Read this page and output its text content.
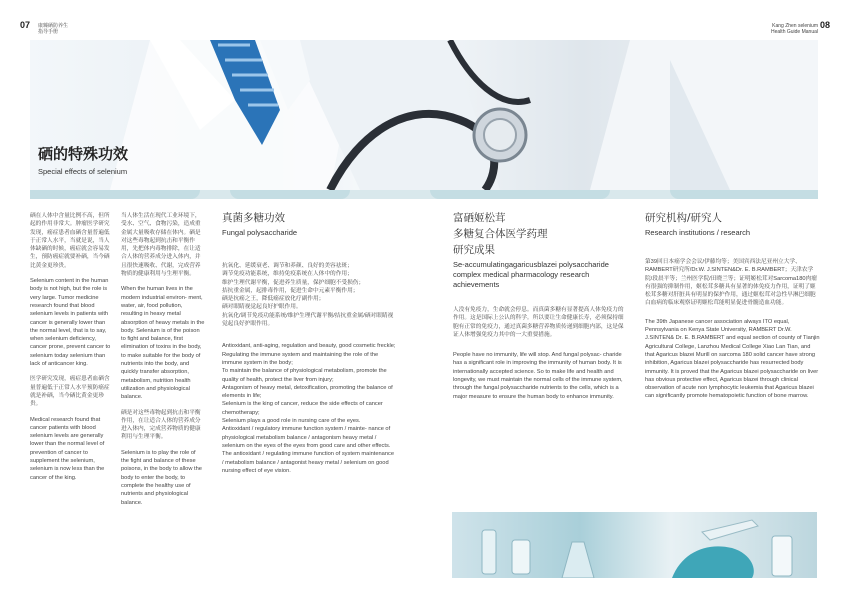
07 康臻硒防养生
指导手册
Kang Zhen selenium
Health Guide Manual
08
硒的特殊功效
Special effects of selenium

硒在人体中含量比例不高，但所起的作用非常大。肿瘤医学研究发现，癌症患者血硒含量普遍低于正常人水平，当就是说，当人体缺硒的时候，癌症就会容易发生，预防癌症就要补硒，当今硒比黄金更珍贵。

Selenium content in the human body is not high, but the role is very large. Tumor medicine research found that blood selenium levels in patients with cancer is generally lower than the normal level, that is to say, when selenium deficiency, cancer prone, prevent cancer to selenium today selenium than lack of anticancer king.

医学研究发现，癌症患者血硒含量普遍低于正常人水平预防癌症就是补硒，当今硒比黄金更珍贵。

Medical research found that cancer patients with blood selenium levels are generally lower than the normal level of prevention of cancer to supplement the selenium, selenium is now less than the cancer of the king.

当人体生活在现代工业环境下，受水、空气、食物污染，造成重金属大量吸收存储在体内。硒是对这些毒物起到抗击和平衡作用，先把体内毒物排除，在让适合人体的营养成分进入体内，并且很快速吸收、代谢，完成营养物质的健康利用与生理平衡。

When the human lives in the modern industrial environ- ment, water, air, food pollution, resulting in heavy metal absorption of heavy metals in the body. Selenium is of the poison to fight and balance, first elimination of toxins in the body, to make suitable for the body of nutrients into the body, and quickly transfer absorption, metabolism, nutrition health utilization and physiological balance.

硒是对这些毒物起到抗击和平衡作用，在让适合人体的营养成分进入体内，完成营养物质的健康利用与生理平衡。

Selenium is to play the role of the fight and balance of these poisons, in the body to allow the body to enter the body, to complete the healthy use of nutrients and physiological balance.

真菌多糖功效
Fungal polysaccharide
抗氧化、延缓衰老、调节和养颜、良好的美容祛斑；
调节免疫功能系统，维持免疫系统在人体中的作用；
维护生理代谢平衡，促进养生质量，保护细胞不受损伤；
拮抗重金属，起排毒作用，促进生命中元素平衡作用；
硒是抗癌之王，降低癌症放化疗副作用；
硒对眼睛视觉起良好护眼作用。
抗氧化/调节免疫功能系统/维护生理代谢平衡/拮抗重金属/硒对眼睛视觉起良好护眼作用。
Antioxidant, anti-aging, regulation and beauty, good cosmetic freckle;
Regulating the immune system and maintaining the role of the immune system in the body;
To maintain the balance of physiological metabolism, promote the quality of health, protect the liver from injury;
Antagonism of heavy metal, detoxification, promoting the balance of elements in life;
Selenium is the king of cancer, reduce the side effects of cancer chemotherapy;
Selenium plays a good role in nursing care of the eyes.
Antioxidant / regulatory immune function system / mainte- nance of physiological metabolism balance / antagonism heavy metal / selenium on the eyes of the eyes from good care and other effects.
The antioxidant / regulating immune function of system maintenance / metabolism balance / antagonist heavy metal / selenium on good nursing effect of eye vision.
富硒姬松茸
多糖复合体医学药理
研究成果
Se-accumulatingagaricusblazei polysaccharide complex medical pharmacology research achievements

人没有免疫力，生命就会停息。而真菌多糖有显著提高人体免疫力的作用。这是国际上公认的科学。所以要让生命健康长寿，必须保持细胞有正常的免疫力，通过真菌多糖营养物质传递到细胞内部，这是保证人体增强免疫力其中的一大重要措施。

People have no immunity, life will stop. And fungal polysac- charide has a significant role in improving the immunity of human body. It is internationally accepted science. So to make life and health and longevity, we must maintain the normal cells of the immune system, through the fungal polysaccharide nutrients to the cells, which is a major measure to ensure the human body to enhance immunity.

研究机构/研究人
Research institutions / research

第39回日本癌学会会议/伊藤均等；美国宾西法尼亚州立大学、RAMBERT研究所/Dr.W. J.SINTEN&Dr. E. B.RAMBERT；天津农学院/段晨平等；兰州医学院/田晓兰等；证明姬松茸对Sarcoma180肉瘤有很强的抑制作用，姬松茸多糖具有显著的体免疫力作用，证明了姬松茸多糖对肝脏具有明显的保护作用，通过姬松茸对急性早淋巴细胞白血病的临床观察证明姬松茸能明显促进骨髓造血功能。

The 39th Japanese cancer association always ITO equal, Pennsylvania on Kenya State University, RAMBERT Dr.W. J.SINTEN& Dr. E. B.RAMBERT and equal section of county of Tianjin Agricultural College, Lanzhou Medical College Xiao Lan Tian, and that Agaricus blazei Murill on sarcoma 180 solid cancer have strong inhibition, Agaricus blazei polysaccharide has resurrected body immunity. It is proved that the Agaricus blazei polysaccharide on liver has obvious protective effect, Agaricus blazei through clinical observation of acute non lymphocytic leukemia that Agaricus blazei can significantly promote hematopoietic function of bone marrow.
